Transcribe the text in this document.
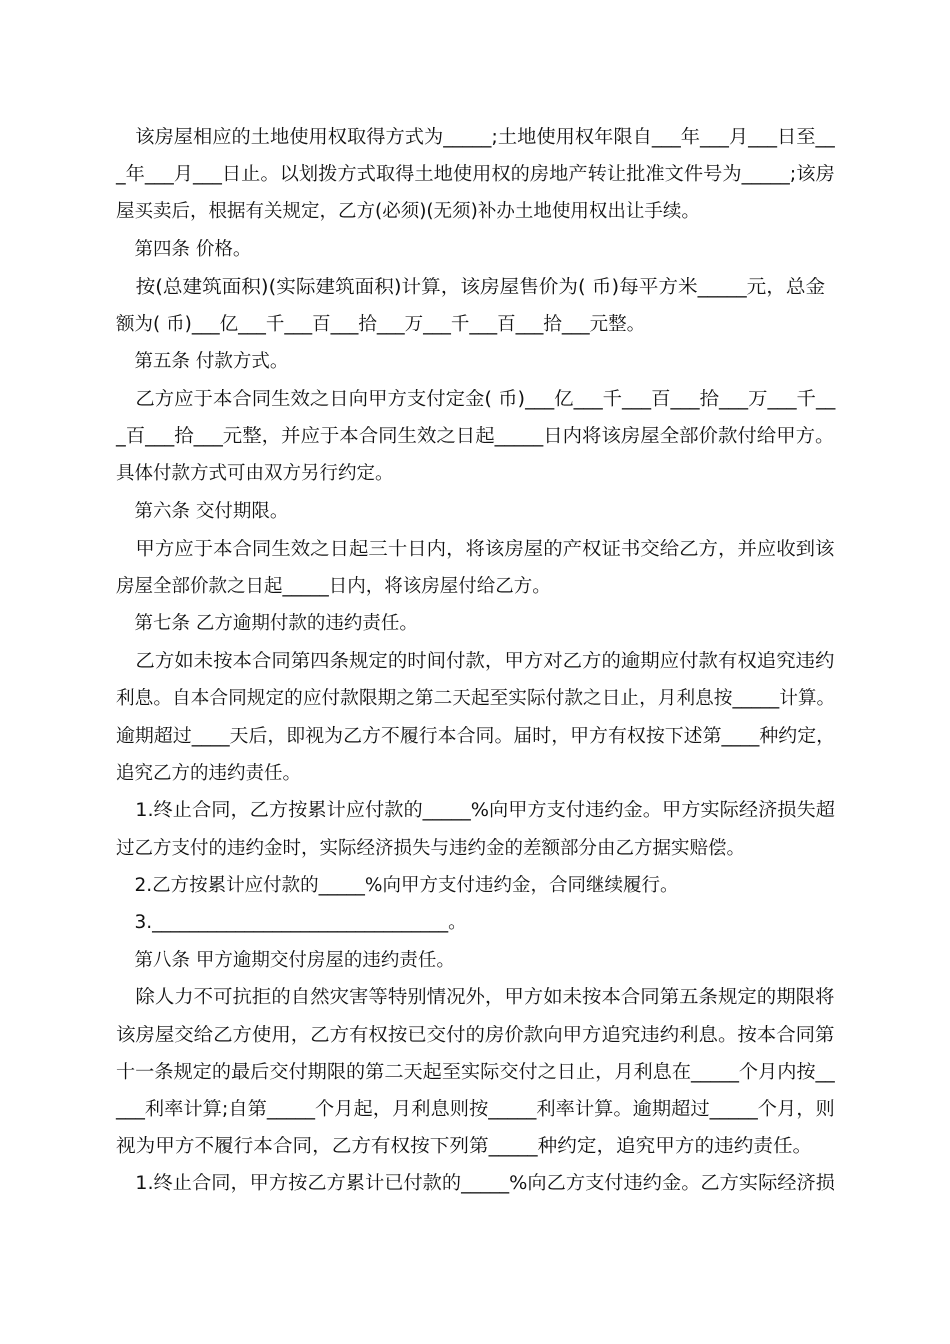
　该房屋相应的土地使用权取得方式为_____;土地使用权年限自___年___月___日至__

_年___月___日止。以划拨方式取得土地使用权的房地产转让批准文件号为_____;该房

屋买卖后，根据有关规定，乙方(必须)(无须)补办土地使用权出让手续。

　第四条 价格。

　按(总建筑面积)(实际建筑面积)计算，该房屋售价为( 币)每平方米_____元，总金

额为( 币)___亿___千___百___拾___万___千___百___拾___元整。

　第五条 付款方式。

　乙方应于本合同生效之日向甲方支付定金( 币)___亿___千___百___拾___万___千__

_百___拾___元整，并应于本合同生效之日起_____日内将该房屋全部价款付给甲方。

具体付款方式可由双方另行约定。

　第六条 交付期限。

　甲方应于本合同生效之日起三十日内，将该房屋的产权证书交给乙方，并应收到该

房屋全部价款之日起_____日内，将该房屋付给乙方。

　第七条 乙方逾期付款的违约责任。

　乙方如未按本合同第四条规定的时间付款，甲方对乙方的逾期应付款有权追究违约

利息。自本合同规定的应付款限期之第二天起至实际付款之日止，月利息按_____计算。

逾期超过____天后，即视为乙方不履行本合同。届时，甲方有权按下述第____种约定，

追究乙方的违约责任。

　1.终止合同，乙方按累计应付款的_____%向甲方支付违约金。甲方实际经济损失超

过乙方支付的违约金时，实际经济损失与违约金的差额部分由乙方据实赔偿。

　2.乙方按累计应付款的_____%向甲方支付违约金，合同继续履行。

　3.________________________________。

　第八条 甲方逾期交付房屋的违约责任。

　除人力不可抗拒的自然灾害等特别情况外，甲方如未按本合同第五条规定的期限将

该房屋交给乙方使用，乙方有权按已交付的房价款向甲方追究违约利息。按本合同第

十一条规定的最后交付期限的第二天起至实际交付之日止，月利息在_____个月内按__

___利率计算;自第_____个月起，月利息则按_____利率计算。逾期超过_____个月，则

视为甲方不履行本合同，乙方有权按下列第_____种约定，追究甲方的违约责任。

　1.终止合同，甲方按乙方累计已付款的_____%向乙方支付违约金。乙方实际经济损
